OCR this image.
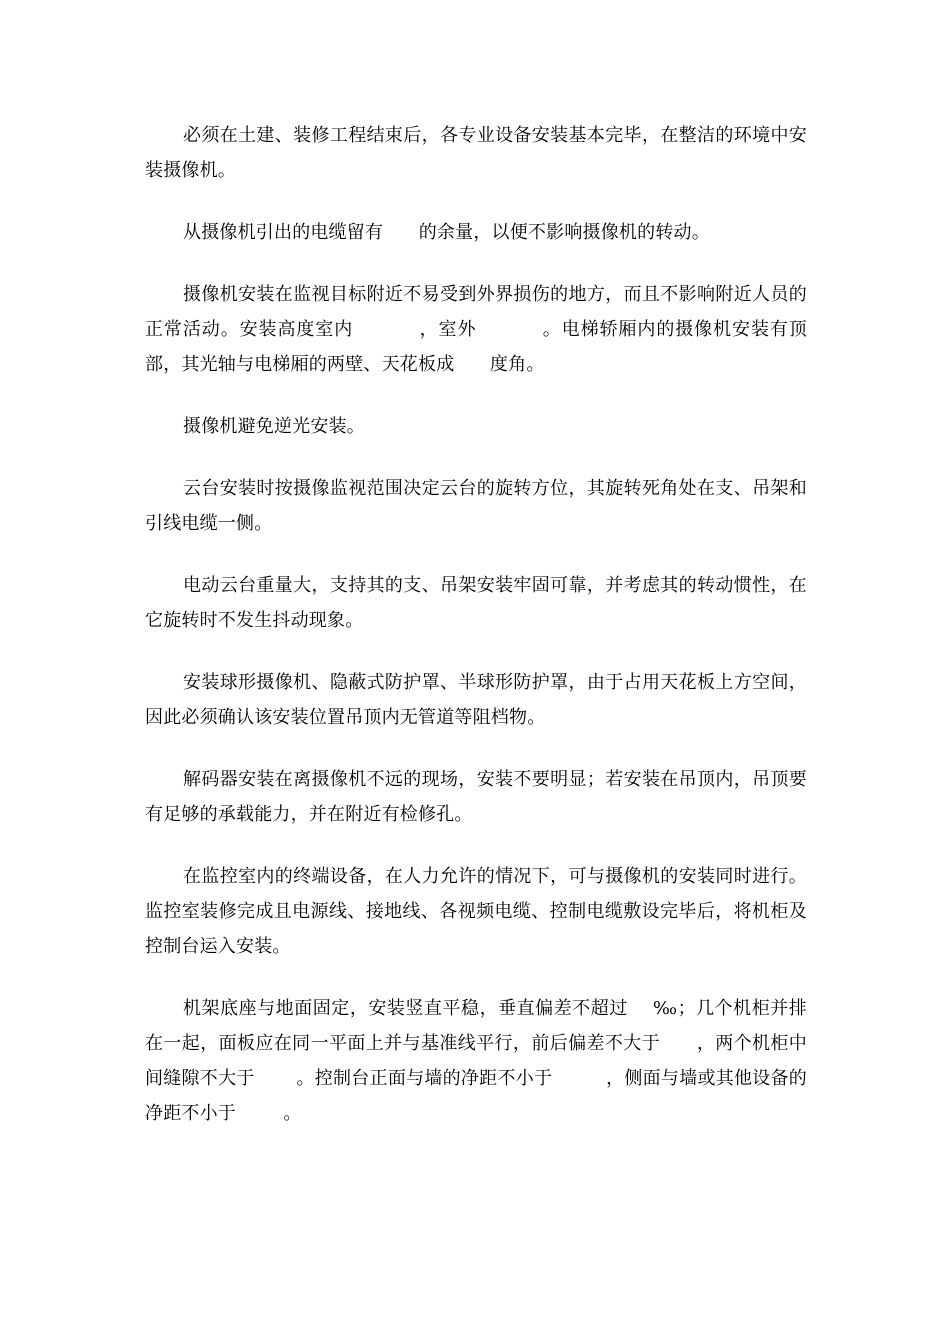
必须在土建、装修工程结束后，各专业设备安装基本完毕，在整洁的环境中安装摄像机。

从摄像机引出的电缆留有      的余量，以便不影响摄像机的转动。

摄像机安装在监视目标附近不易受到外界损伤的地方，而且不影响附近人员的正常活动。安装高度室内          ，室外          。电梯轿厢内的摄像机安装有顶部，其光轴与电梯厢的两壁、天花板成      度角。

摄像机避免逆光安装。

云台安装时按摄像监视范围决定云台的旋转方位，其旋转死角处在支、吊架和引线电缆一侧。

电动云台重量大，支持其的支、吊架安装牢固可靠，并考虑其的转动惯性，在它旋转时不发生抖动现象。

安装球形摄像机、隐蔽式防护罩、半球形防护罩，由于占用天花板上方空间，因此必须确认该安装位置吊顶内无管道等阻档物。

解码器安装在离摄像机不远的现场，安装不要明显；若安装在吊顶内，吊顶要有足够的承载能力，并在附近有检修孔。

在监控室内的终端设备，在人力允许的情况下，可与摄像机的安装同时进行。监控室装修完成且电源线、接地线、各视频电缆、控制电缆敷设完毕后，将机柜及控制台运入安装。

机架底座与地面固定，安装竖直平稳，垂直偏差不超过    ‰；几个机柜并排在一起，面板应在同一平面上并与基准线平行，前后偏差不大于      ，两个机柜中间缝隙不大于       。控制台正面与墙的净距不小于         ，侧面与墙或其他设备的净距不小于        。
